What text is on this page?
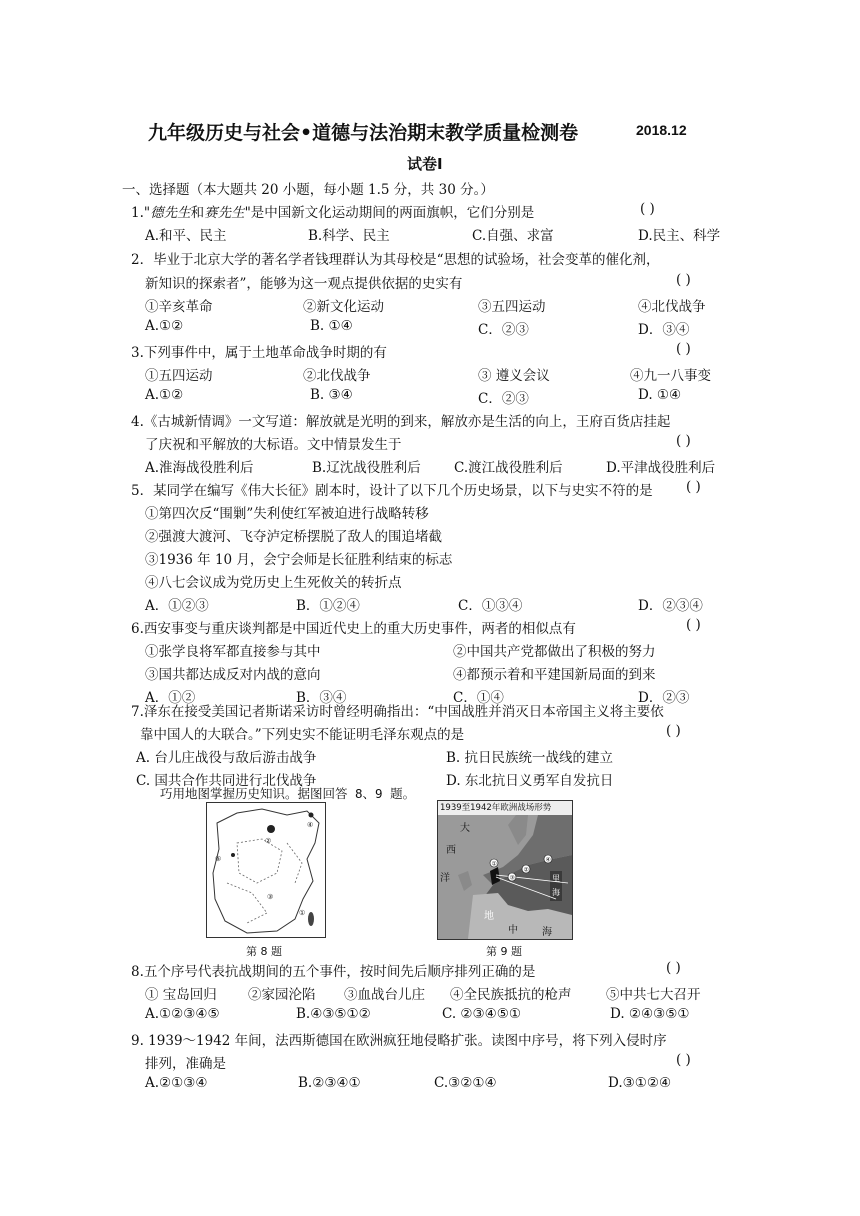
九年级历史与社会•道德与法治期末教学质量检测卷	2018.12
试卷Ⅰ
一、选择题（本大题共 20 小题，每小题 1.5 分，共 30 分。）
1."德先生和赛先生"是中国新文化运动期间的两面旗帜，它们分别是	( )
A.和平、民主	B.科学、民主	C.自强、求富	D.民主、科学
2．毕业于北京大学的著名学者钱理群认为其母校是“思想的试验场，社会变革的催化剂，
新知识的探索者”，能够为这一观点提供依据的史实有	( )
①辛亥革命	②新文化运动	③五四运动	④北伐战争
A.①②	B. ①④	C．②③	D．③④
3.下列事件中，属于土地革命战争时期的有	( )
①五四运动	②北伐战争	③ 遵义会议	④九一八事变
A.①②	B. ③④	C．②③	D. ①④
4.《古城新情调》一文写道：解放就是光明的到来，解放亦是生活的向上，王府百货店挂起
了庆祝和平解放的大标语。文中情景发生于	( )
A.淮海战役胜利后	B.辽沈战役胜利后 C.渡江战役胜利后	D.平津战役胜利后
5．某同学在编写《伟大长征》剧本时，设计了以下几个历史场景，以下与史实不符的是 ( )
①第四次反“围剿”失利使红军被迫进行战略转移
②强渡大渡河、飞夺泸定桥摆脱了敌人的围追堵截
③1936 年 10 月，会宁会师是长征胜利结束的标志
④八七会议成为党历史上生死攸关的转折点
A．①②③	B．①②④	C．①③④	D．②③④
6.西安事变与重庆谈判都是中国近代史上的重大历史事件，两者的相似点有	( )
①张学良将军都直接参与其中	②中国共产党都做出了积极的努力
③国共都达成反对内战的意向	④都预示着和平建国新局面的到来
A．①②	B．③④	C．①④	D．②③
7.泽东在接受美国记者斯诺采访时曾经明确指出：“中国战胜并消灭日本帝国主义将主要依
靠中国人的大联合。”下列史实不能证明毛泽东观点的是	( )
A. 台儿庄战役与敌后游击战争	B. 抗日民族统一战线的建立
C. 国共合作共同进行北伐战争	D. 东北抗日义勇军自发抗日
巧用地图掌握历史知识。据图回答 8、9 题。
⑤
②
④
③
①
第 8 题
1939至1942年欧洲战场形势
③
①
②
④
大
西
洋
地
中 海
里
海
第 9 题
8.五个序号代表抗战期间的五个事件，按时间先后顺序排列正确的是	( )
① 宝岛回归 ②家园沦陷 ③血战台儿庄 ④全民族抵抗的枪声	⑤中共七大召开
A.①②③④⑤	B.④③⑤①②	C. ②③④⑤①	D. ②④③⑤①
9. 1939～1942 年间，法西斯德国在欧洲疯狂地侵略扩张。读图中序号，将下列入侵时序
排列，准确是	( )
A.②①③④	B.②③④①	C.③②①④	D.③①②④
